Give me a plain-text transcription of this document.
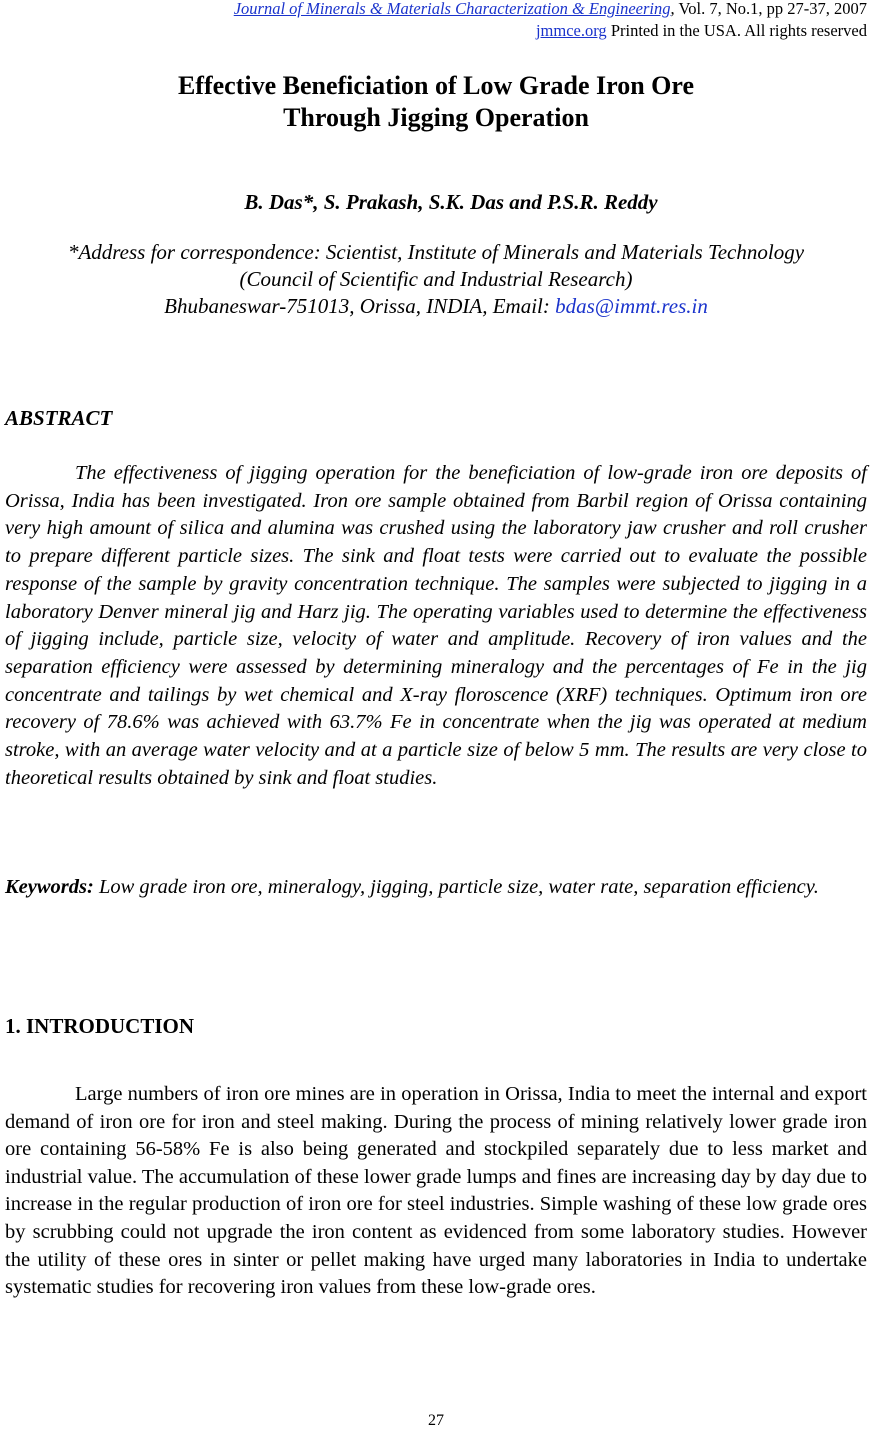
Journal of Minerals & Materials Characterization & Engineering, Vol. 7, No.1, pp 27-37, 2007
jmmce.org Printed in the USA. All rights reserved
Effective Beneficiation of Low Grade Iron Ore
Through Jigging Operation
B. Das*, S. Prakash, S.K. Das and P.S.R. Reddy
*Address for correspondence: Scientist, Institute of Minerals and Materials Technology
(Council of Scientific and Industrial Research)
Bhubaneswar-751013, Orissa, INDIA, Email: bdas@immt.res.in
ABSTRACT
The effectiveness of jigging operation for the beneficiation of low-grade iron ore deposits of Orissa, India has been investigated. Iron ore sample obtained from Barbil region of Orissa containing very high amount of silica and alumina was crushed using the laboratory jaw crusher and roll crusher to prepare different particle sizes. The sink and float tests were carried out to evaluate the possible response of the sample by gravity concentration technique. The samples were subjected to jigging in a laboratory Denver mineral jig and Harz jig. The operating variables used to determine the effectiveness of jigging include, particle size, velocity of water and amplitude. Recovery of iron values and the separation efficiency were assessed by determining mineralogy and the percentages of Fe in the jig concentrate and tailings by wet chemical and X-ray floroscence (XRF) techniques. Optimum iron ore recovery of 78.6% was achieved with 63.7% Fe in concentrate when the jig was operated at medium stroke, with an average water velocity and at a particle size of below 5 mm. The results are very close to theoretical results obtained by sink and float studies.
Keywords: Low grade iron ore, mineralogy, jigging, particle size, water rate, separation efficiency.
1. INTRODUCTION
Large numbers of iron ore mines are in operation in Orissa, India to meet the internal and export demand of iron ore for iron and steel making. During the process of mining relatively lower grade iron ore containing 56-58% Fe is also being generated and stockpiled separately due to less market and industrial value. The accumulation of these lower grade lumps and fines are increasing day by day due to increase in the regular production of iron ore for steel industries. Simple washing of these low grade ores by scrubbing could not upgrade the iron content as evidenced from some laboratory studies. However the utility of these ores in sinter or pellet making have urged many laboratories in India to undertake systematic studies for recovering iron values from these low-grade ores.
27
